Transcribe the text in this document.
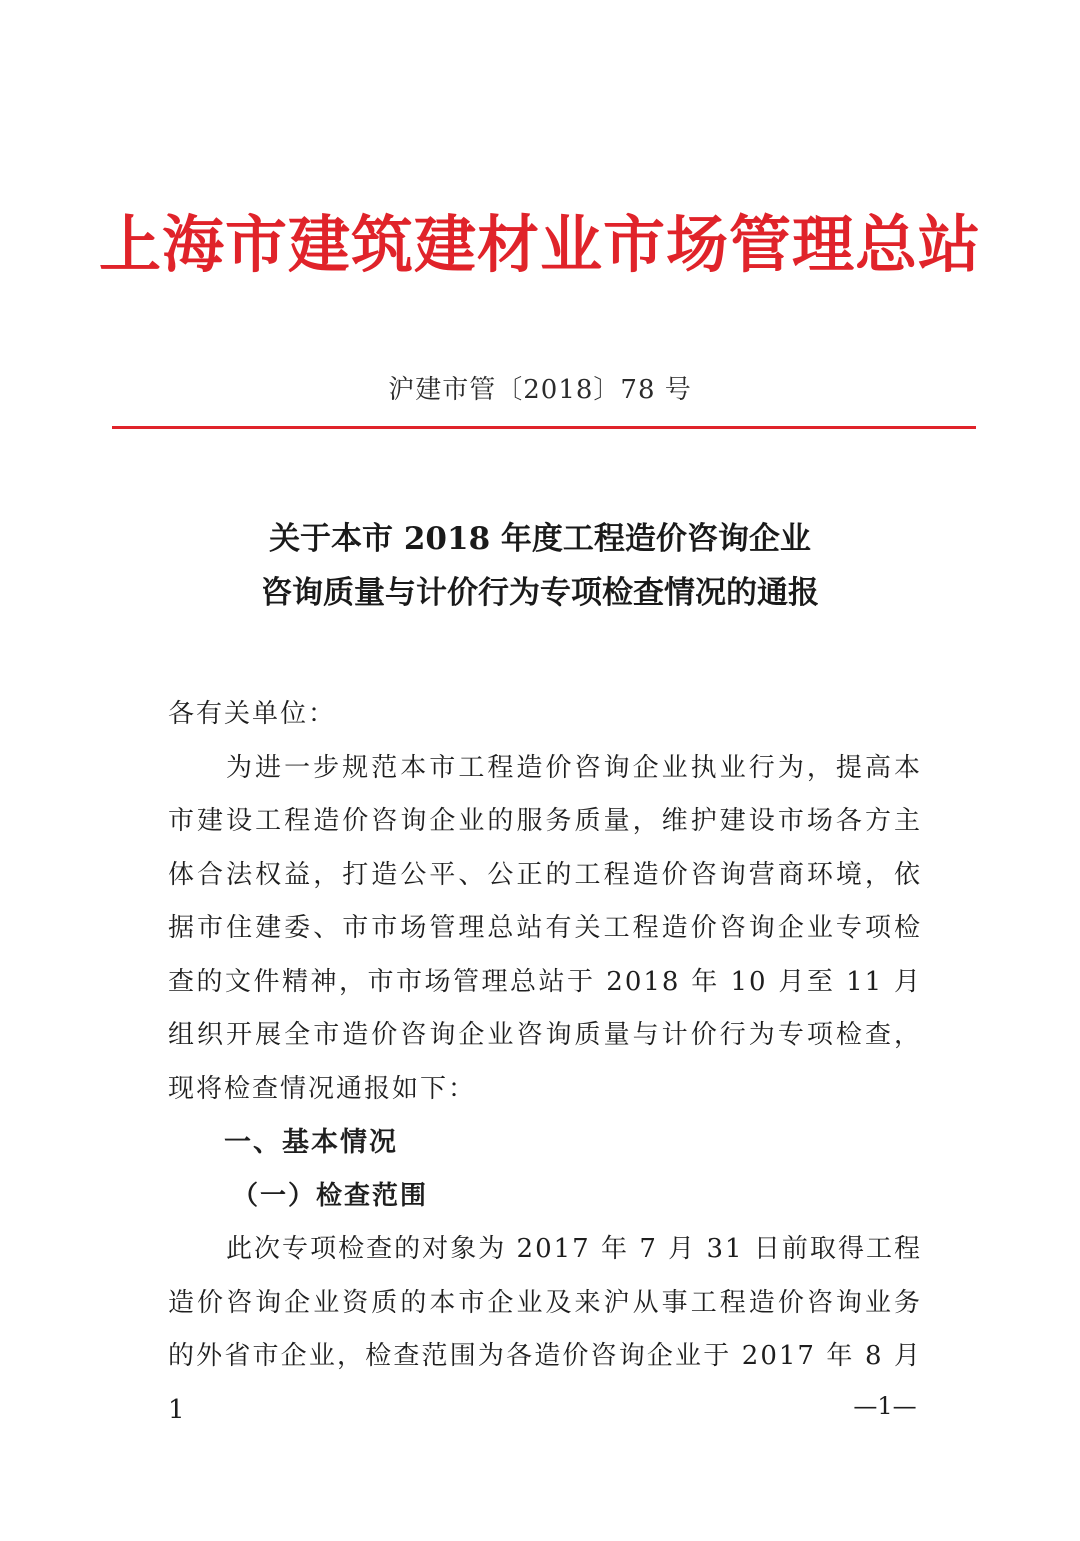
上海市建筑建材业市场管理总站
沪建市管〔2018〕78 号
关于本市 2018 年度工程造价咨询企业
咨询质量与计价行为专项检查情况的通报

各有关单位：

为进一步规范本市工程造价咨询企业执业行为，提高本市建设工程造价咨询企业的服务质量，维护建设市场各方主体合法权益，打造公平、公正的工程造价咨询营商环境，依据市住建委、市市场管理总站有关工程造价咨询企业专项检查的文件精神，市市场管理总站于 2018 年 10 月至 11 月组织开展全市造价咨询企业咨询质量与计价行为专项检查，现将检查情况通报如下：

一、基本情况

（一）检查范围

此次专项检查的对象为 2017 年 7 月 31 日前取得工程造价咨询企业资质的本市企业及来沪从事工程造价咨询业务的外省市企业，检查范围为各造价咨询企业于 2017 年 8 月 1	—1—
